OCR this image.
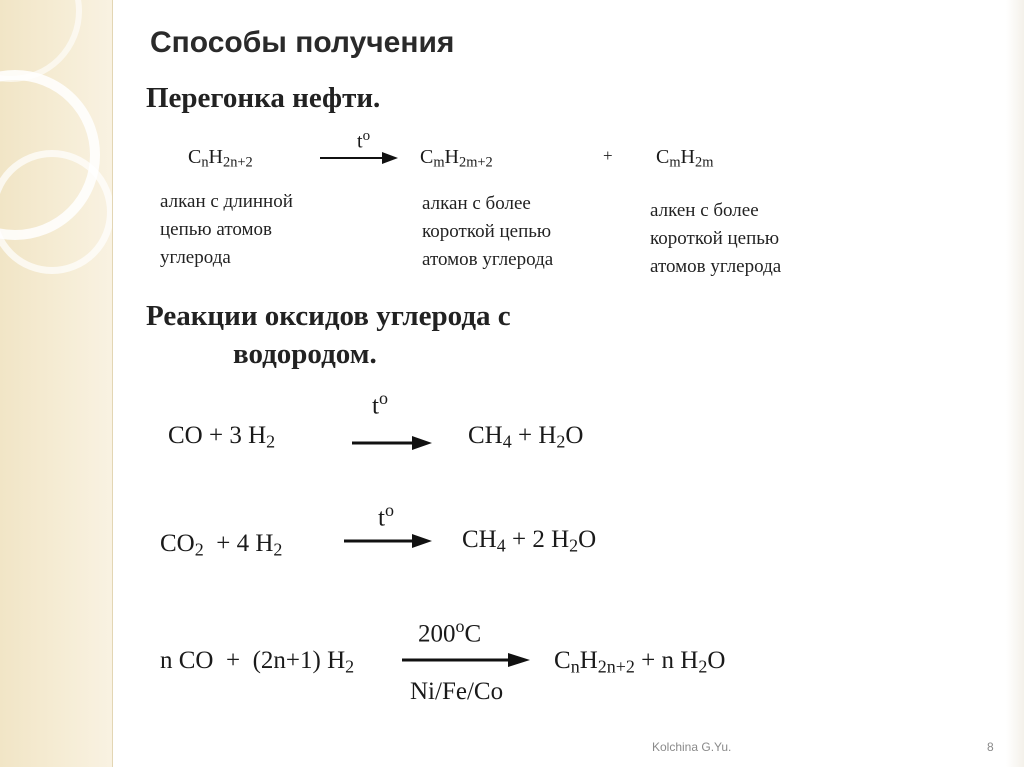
Способы получения
Перегонка нефти.
$C_nH_{2n+2}$
$t^o$
$C_mH_{2m+2}$	+ $C_mH_{2m}$
алкан с длинной
цепью атомов
углерода
алкан с более
короткой цепью
атомов углерода
алкен с более
короткой цепью
атомов углерода
Реакции оксидов углерода с
водородом.
CO + 3 $H_2$
$t^o$
$CH_4 + H_2O$
$CO_2 + 4$ $H_2$
$t^o$
$CH_4 + 2$ $H_2O$
n CO  +  (2n+1) $H_2$
200$^o$C
Ni/Fe/Co
$C_nH_{2n+2} + n$ $H_2O$
Kolchina G.Yu.	8
